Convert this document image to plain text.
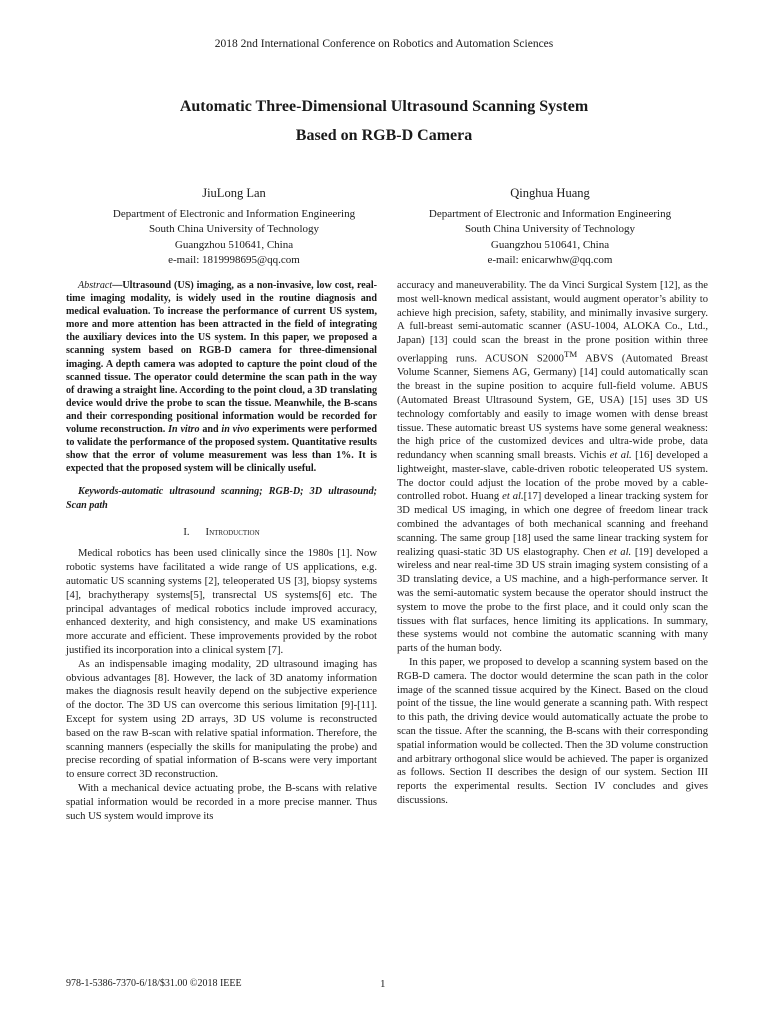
2018 2nd International Conference on Robotics and Automation Sciences
Automatic Three-Dimensional Ultrasound Scanning System
Based on RGB-D Camera
JiuLong Lan
Department of Electronic and Information Engineering
South China University of Technology
Guangzhou 510641, China
e-mail: 1819998695@qq.com
Qinghua Huang
Department of Electronic and Information Engineering
South China University of Technology
Guangzhou 510641, China
e-mail: enicarwhw@qq.com

Abstract—Ultrasound (US) imaging, as a non-invasive, low cost, real-time imaging modality, is widely used in the routine diagnosis and medical evaluation. To increase the performance of current US system, more and more attention has been attracted in the field of integrating the auxiliary devices into the US system. In this paper, we proposed a scanning system based on RGB-D camera for three-dimensional imaging. A depth camera was adopted to capture the point cloud of the scanned tissue. The operator could determine the scan path in the way of drawing a straight line. According to the point cloud, a 3D translating device would drive the probe to scan the tissue. Meanwhile, the B-scans and their corresponding positional information would be recorded for volume reconstruction. In vitro and in vivo experiments were performed to validate the performance of the proposed system. Quantitative results show that the error of volume measurement was less than 1%. It is expected that the proposed system will be clinically useful.

Keywords-automatic ultrasound scanning; RGB-D; 3D ultrasound; Scan path

I. Introduction

Medical robotics has been used clinically since the 1980s [1]. Now robotic systems have facilitated a wide range of US applications, e.g. automatic US scanning systems [2], teleoperated US [3], biopsy systems [4], brachytherapy systems[5], transrectal US systems[6] etc. The principal advantages of medical robotics include improved accuracy, enhanced dexterity, and high consistency, and make US examinations more accurate and efficient. These improvements provided by the robot justified its incorporation into a clinical system [7].

As an indispensable imaging modality, 2D ultrasound imaging has obvious advantages [8]. However, the lack of 3D anatomy information makes the diagnosis result heavily depend on the subjective experience of the doctor. The 3D US can overcome this serious limitation [9]-[11]. Except for system using 2D arrays, 3D US volume is reconstructed based on the raw B-scan with relative spatial information. Therefore, the scanning manners (especially the skills for manipulating the probe) and precise recording of spatial information of B-scans were very important to ensure correct 3D reconstruction.

With a mechanical device actuating probe, the B-scans with relative spatial information would be recorded in a more precise manner. Thus such US system would improve its

accuracy and maneuverability. The da Vinci Surgical System [12], as the most well-known medical assistant, would augment operator’s ability to achieve high precision, safety, stability, and minimally invasive surgery. A full-breast semi-automatic scanner (ASU-1004, ALOKA Co., Ltd., Japan) [13] could scan the breast in the prone position within three overlapping runs. ACUSON S2000™ ABVS (Automated Breast Volume Scanner, Siemens AG, Germany) [14] could automatically scan the breast in the supine position to acquire full-field volume. ABUS (Automated Breast Ultrasound System, GE, USA) [15] uses 3D US technology comfortably and easily to image women with dense breast tissue. These automatic breast US systems have some general weakness: the high price of the customized devices and ultra-wide probe, data redundancy when scanning small breasts. Vichis et al. [16] developed a lightweight, master-slave, cable-driven robotic teleoperated US system. The doctor could adjust the location of the probe moved by a cable-controlled robot. Huang et al.[17] developed a linear tracking system for 3D medical US imaging, in which one degree of freedom linear track combined the advantages of both mechanical scanning and freehand scanning. The same group [18] used the same linear tracking system for realizing quasi-static 3D US elastography. Chen et al. [19] developed a wireless and near real-time 3D US strain imaging system consisting of a 3D translating device, a US machine, and a high-performance server. It was the semi-automatic system because the operator should instruct the system to move the probe to the first place, and it could only scan the tissues with flat surfaces, hence limiting its applications. In summary, these systems would not combine the automatic scanning with many parts of the human body.

In this paper, we proposed to develop a scanning system based on the RGB-D camera. The doctor would determine the scan path in the color image of the scanned tissue acquired by the Kinect. Based on the cloud point of the tissue, the line would generate a scanning path. With respect to this path, the driving device would automatically actuate the probe to scan the tissue. After the scanning, the B-scans with their corresponding spatial information would be collected. Then the 3D volume construction and arbitrary orthogonal slice would be achieved. The paper is organized as follows. Section II describes the design of our system. Section III reports the experimental results. Section IV concludes and gives discussions.

978-1-5386-7370-6/18/$31.00 ©2018 IEEE	1
